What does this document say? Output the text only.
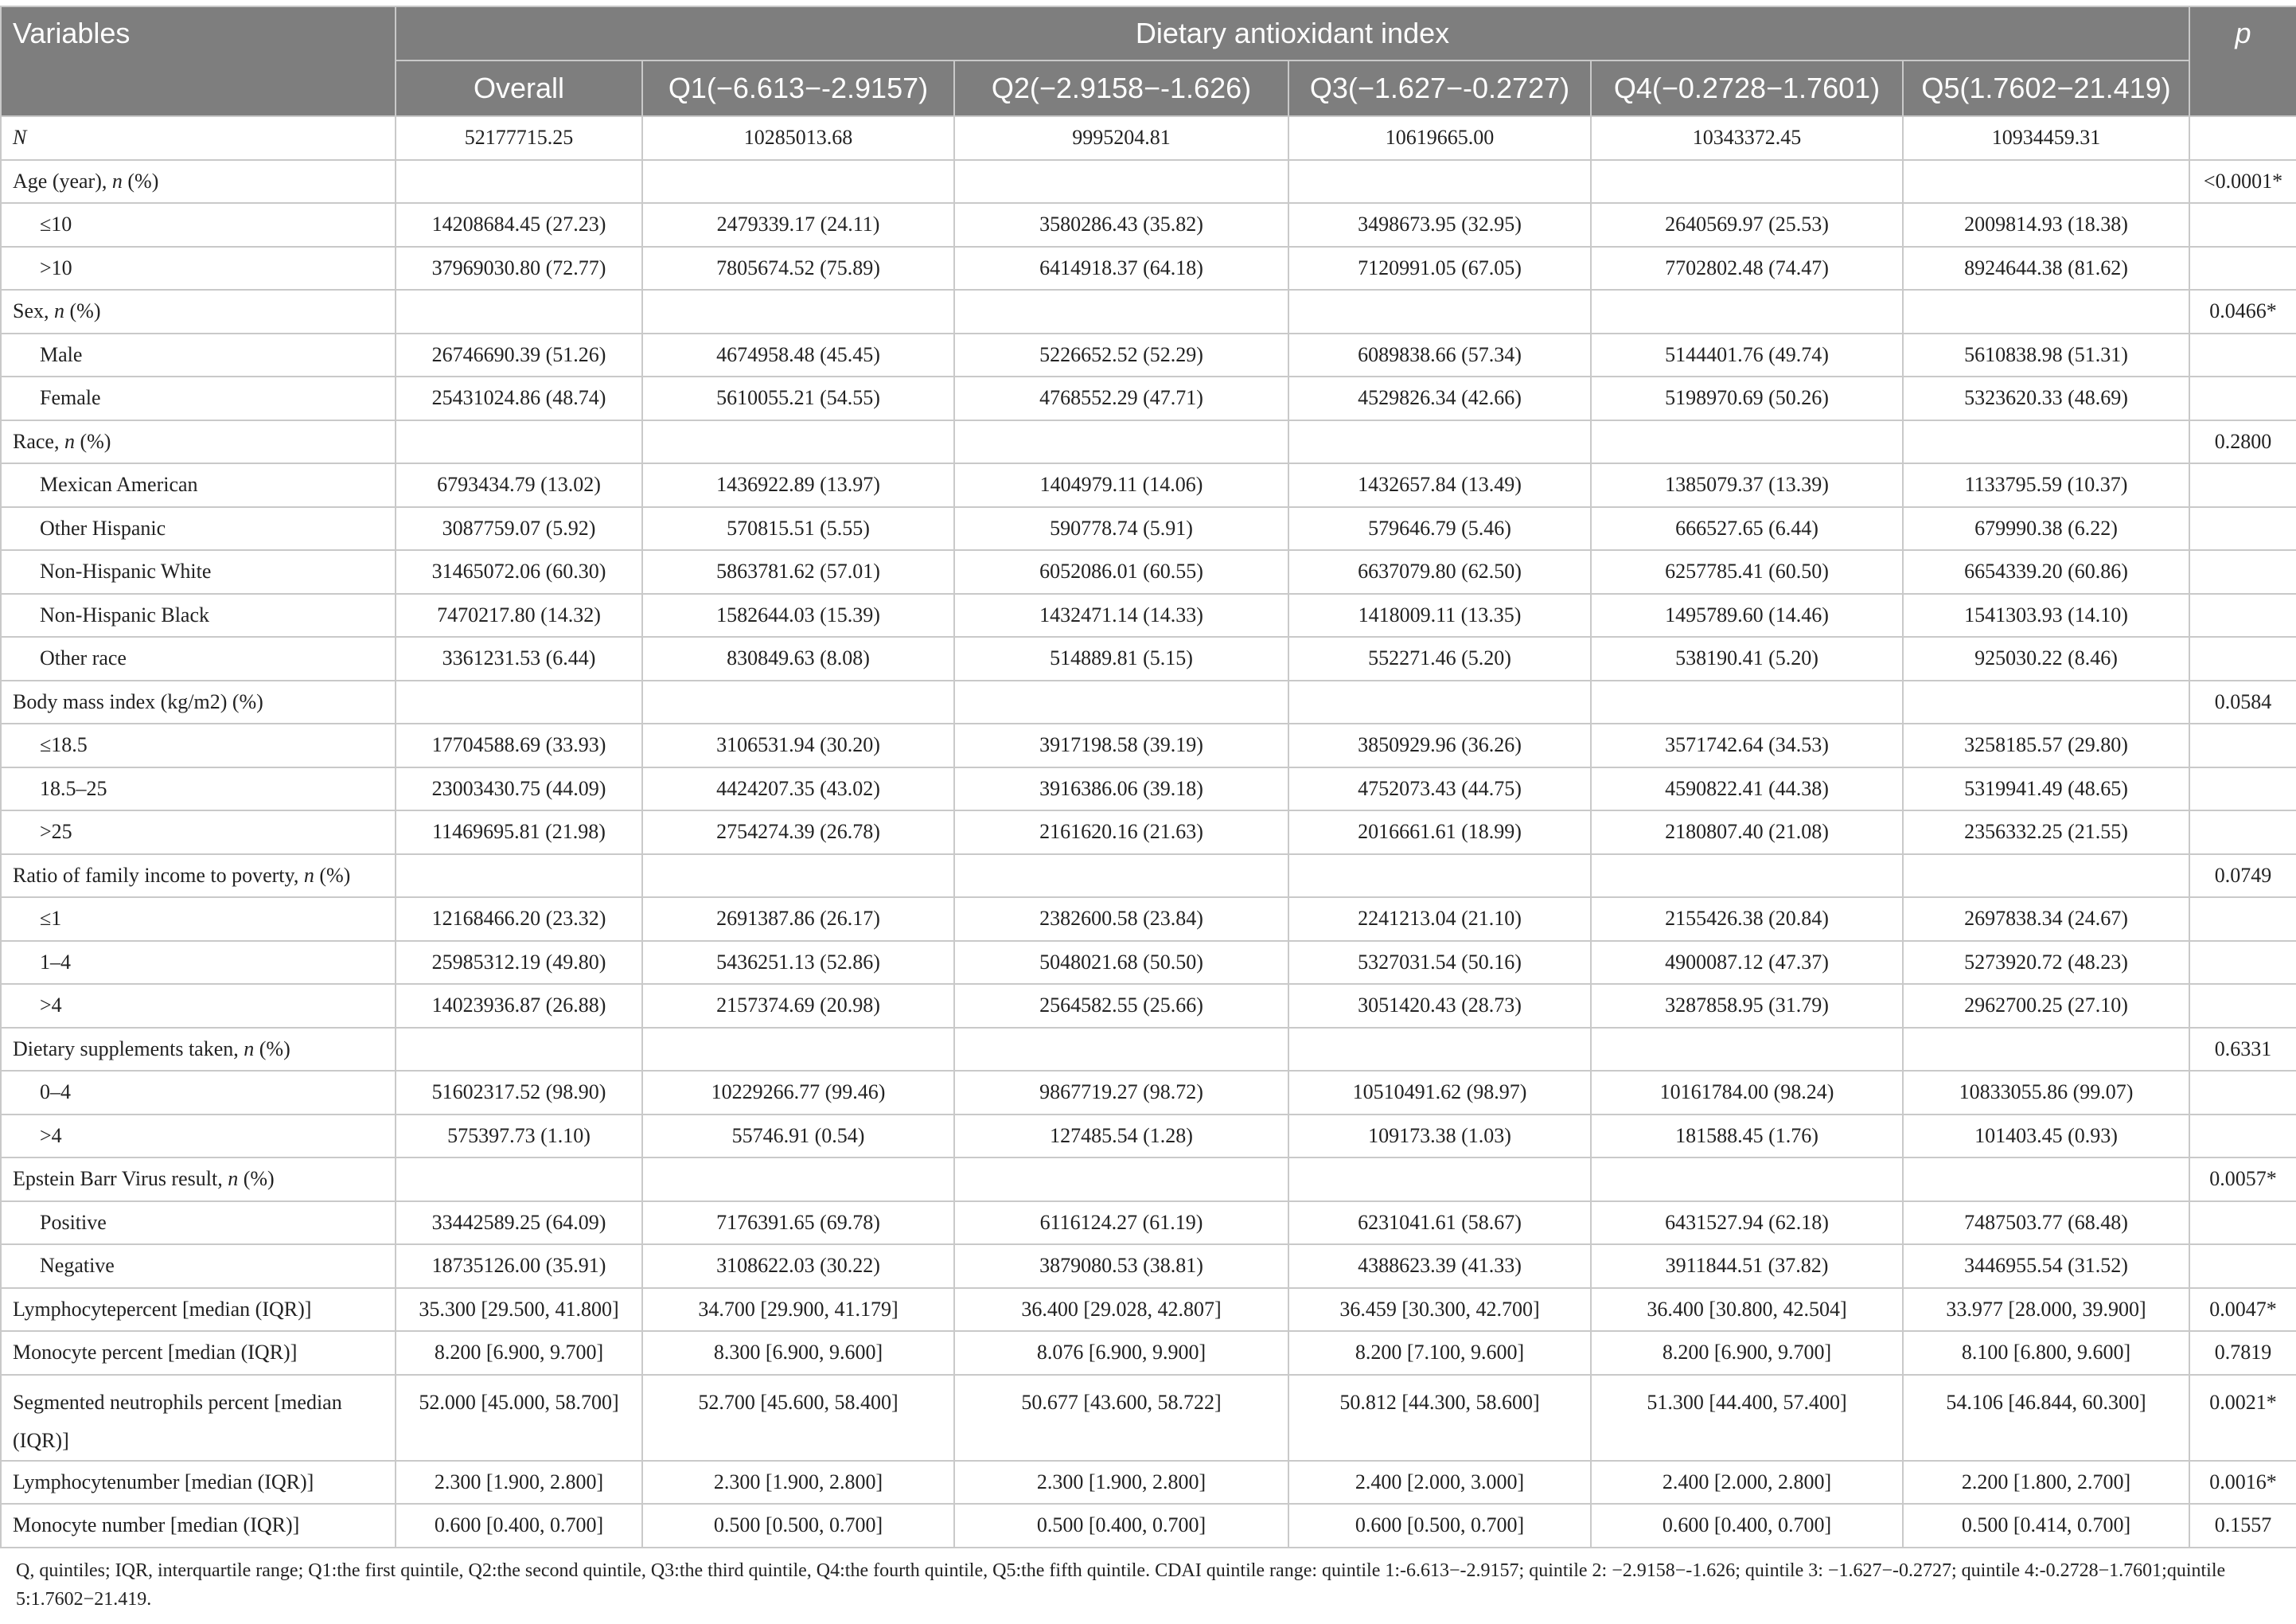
Variables	Dietary antioxidant index						p
	Overall	Q1(−6.613−-2.9157)	Q2(−2.9158−-1.626)	Q3(−1.627−-0.2727)	Q4(−0.2728−1.7601)	Q5(1.7602−21.419)	
N	52177715.25	10285013.68	9995204.81	10619665.00	10343372.45	10934459.31	
Age (year), n (%)							<0.0001*
≤10	14208684.45 (27.23)	2479339.17 (24.11)	3580286.43 (35.82)	3498673.95 (32.95)	2640569.97 (25.53)	2009814.93 (18.38)	
>10	37969030.80 (72.77)	7805674.52 (75.89)	6414918.37 (64.18)	7120991.05 (67.05)	7702802.48 (74.47)	8924644.38 (81.62)	
Sex, n (%)							0.0466*
Male	26746690.39 (51.26)	4674958.48 (45.45)	5226652.52 (52.29)	6089838.66 (57.34)	5144401.76 (49.74)	5610838.98 (51.31)	
Female	25431024.86 (48.74)	5610055.21 (54.55)	4768552.29 (47.71)	4529826.34 (42.66)	5198970.69 (50.26)	5323620.33 (48.69)	
Race, n (%)							0.2800
Mexican American	6793434.79 (13.02)	1436922.89 (13.97)	1404979.11 (14.06)	1432657.84 (13.49)	1385079.37 (13.39)	1133795.59 (10.37)	
Other Hispanic	3087759.07 (5.92)	570815.51 (5.55)	590778.74 (5.91)	579646.79 (5.46)	666527.65 (6.44)	679990.38 (6.22)	
Non-Hispanic White	31465072.06 (60.30)	5863781.62 (57.01)	6052086.01 (60.55)	6637079.80 (62.50)	6257785.41 (60.50)	6654339.20 (60.86)	
Non-Hispanic Black	7470217.80 (14.32)	1582644.03 (15.39)	1432471.14 (14.33)	1418009.11 (13.35)	1495789.60 (14.46)	1541303.93 (14.10)	
Other race	3361231.53 (6.44)	830849.63 (8.08)	514889.81 (5.15)	552271.46 (5.20)	538190.41 (5.20)	925030.22 (8.46)	
Body mass index (kg/m2) (%)							0.0584
≤18.5	17704588.69 (33.93)	3106531.94 (30.20)	3917198.58 (39.19)	3850929.96 (36.26)	3571742.64 (34.53)	3258185.57 (29.80)	
18.5–25	23003430.75 (44.09)	4424207.35 (43.02)	3916386.06 (39.18)	4752073.43 (44.75)	4590822.41 (44.38)	5319941.49 (48.65)	
>25	11469695.81 (21.98)	2754274.39 (26.78)	2161620.16 (21.63)	2016661.61 (18.99)	2180807.40 (21.08)	2356332.25 (21.55)	
Ratio of family income to poverty, n (%)							0.0749
≤1	12168466.20 (23.32)	2691387.86 (26.17)	2382600.58 (23.84)	2241213.04 (21.10)	2155426.38 (20.84)	2697838.34 (24.67)	
1–4	25985312.19 (49.80)	5436251.13 (52.86)	5048021.68 (50.50)	5327031.54 (50.16)	4900087.12 (47.37)	5273920.72 (48.23)	
>4	14023936.87 (26.88)	2157374.69 (20.98)	2564582.55 (25.66)	3051420.43 (28.73)	3287858.95 (31.79)	2962700.25 (27.10)	
Dietary supplements taken, n (%)							0.6331
0–4	51602317.52 (98.90)	10229266.77 (99.46)	9867719.27 (98.72)	10510491.62 (98.97)	10161784.00 (98.24)	10833055.86 (99.07)	
>4	575397.73 (1.10)	55746.91 (0.54)	127485.54 (1.28)	109173.38 (1.03)	181588.45 (1.76)	101403.45 (0.93)	
Epstein Barr Virus result, n (%)							0.0057*
Positive	33442589.25 (64.09)	7176391.65 (69.78)	6116124.27 (61.19)	6231041.61 (58.67)	6431527.94 (62.18)	7487503.77 (68.48)	
Negative	18735126.00 (35.91)	3108622.03 (30.22)	3879080.53 (38.81)	4388623.39 (41.33)	3911844.51 (37.82)	3446955.54 (31.52)	
Lymphocytepercent [median (IQR)]	35.300 [29.500, 41.800]	34.700 [29.900, 41.179]	36.400 [29.028, 42.807]	36.459 [30.300, 42.700]	36.400 [30.800, 42.504]	33.977 [28.000, 39.900]	0.0047*
Monocyte percent [median (IQR)]	8.200 [6.900, 9.700]	8.300 [6.900, 9.600]	8.076 [6.900, 9.900]	8.200 [7.100, 9.600]	8.200 [6.900, 9.700]	8.100 [6.800, 9.600]	0.7819
Segmented neutrophils percent [median (IQR)]	52.000 [45.000, 58.700]	52.700 [45.600, 58.400]	50.677 [43.600, 58.722]	50.812 [44.300, 58.600]	51.300 [44.400, 57.400]	54.106 [46.844, 60.300]	0.0021*
Lymphocytenumber [median (IQR)]	2.300 [1.900, 2.800]	2.300 [1.900, 2.800]	2.300 [1.900, 2.800]	2.400 [2.000, 3.000]	2.400 [2.000, 2.800]	2.200 [1.800, 2.700]	0.0016*
Monocyte number [median (IQR)]	0.600 [0.400, 0.700]	0.500 [0.500, 0.700]	0.500 [0.400, 0.700]	0.600 [0.500, 0.700]	0.600 [0.400, 0.700]	0.500 [0.414, 0.700]	0.1557
Q, quintiles; IQR, interquartile range; Q1:the first quintile, Q2:the second quintile, Q3:the third quintile, Q4:the fourth quintile, Q5:the fifth quintile. CDAI quintile range: quintile 1:-6.613−-2.9157; quintile 2: −2.9158−-1.626; quintile 3: −1.627−-0.2727; quintile 4:-0.2728−1.7601;quintile 5:1.7602−21.419.
